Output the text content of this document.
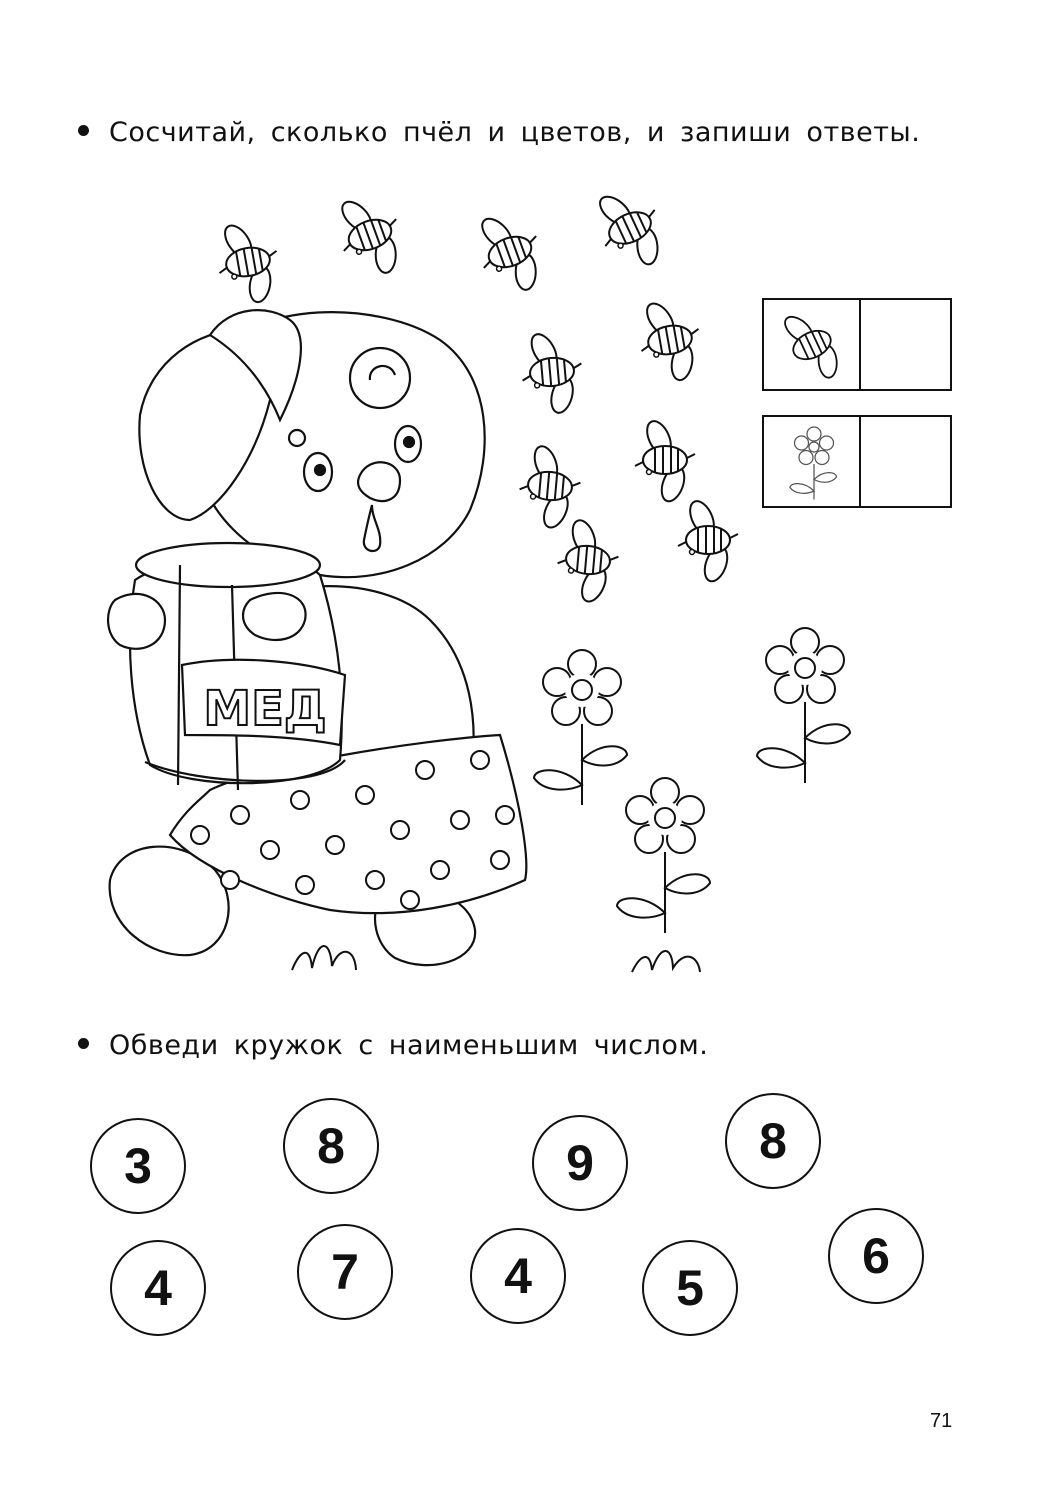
Сосчитай, сколько пчёл и цветов, и запиши ответы.
МЕД
Обведи кружок с наименьшим числом.
3	8	9	8
4	7	4	5
6
71
